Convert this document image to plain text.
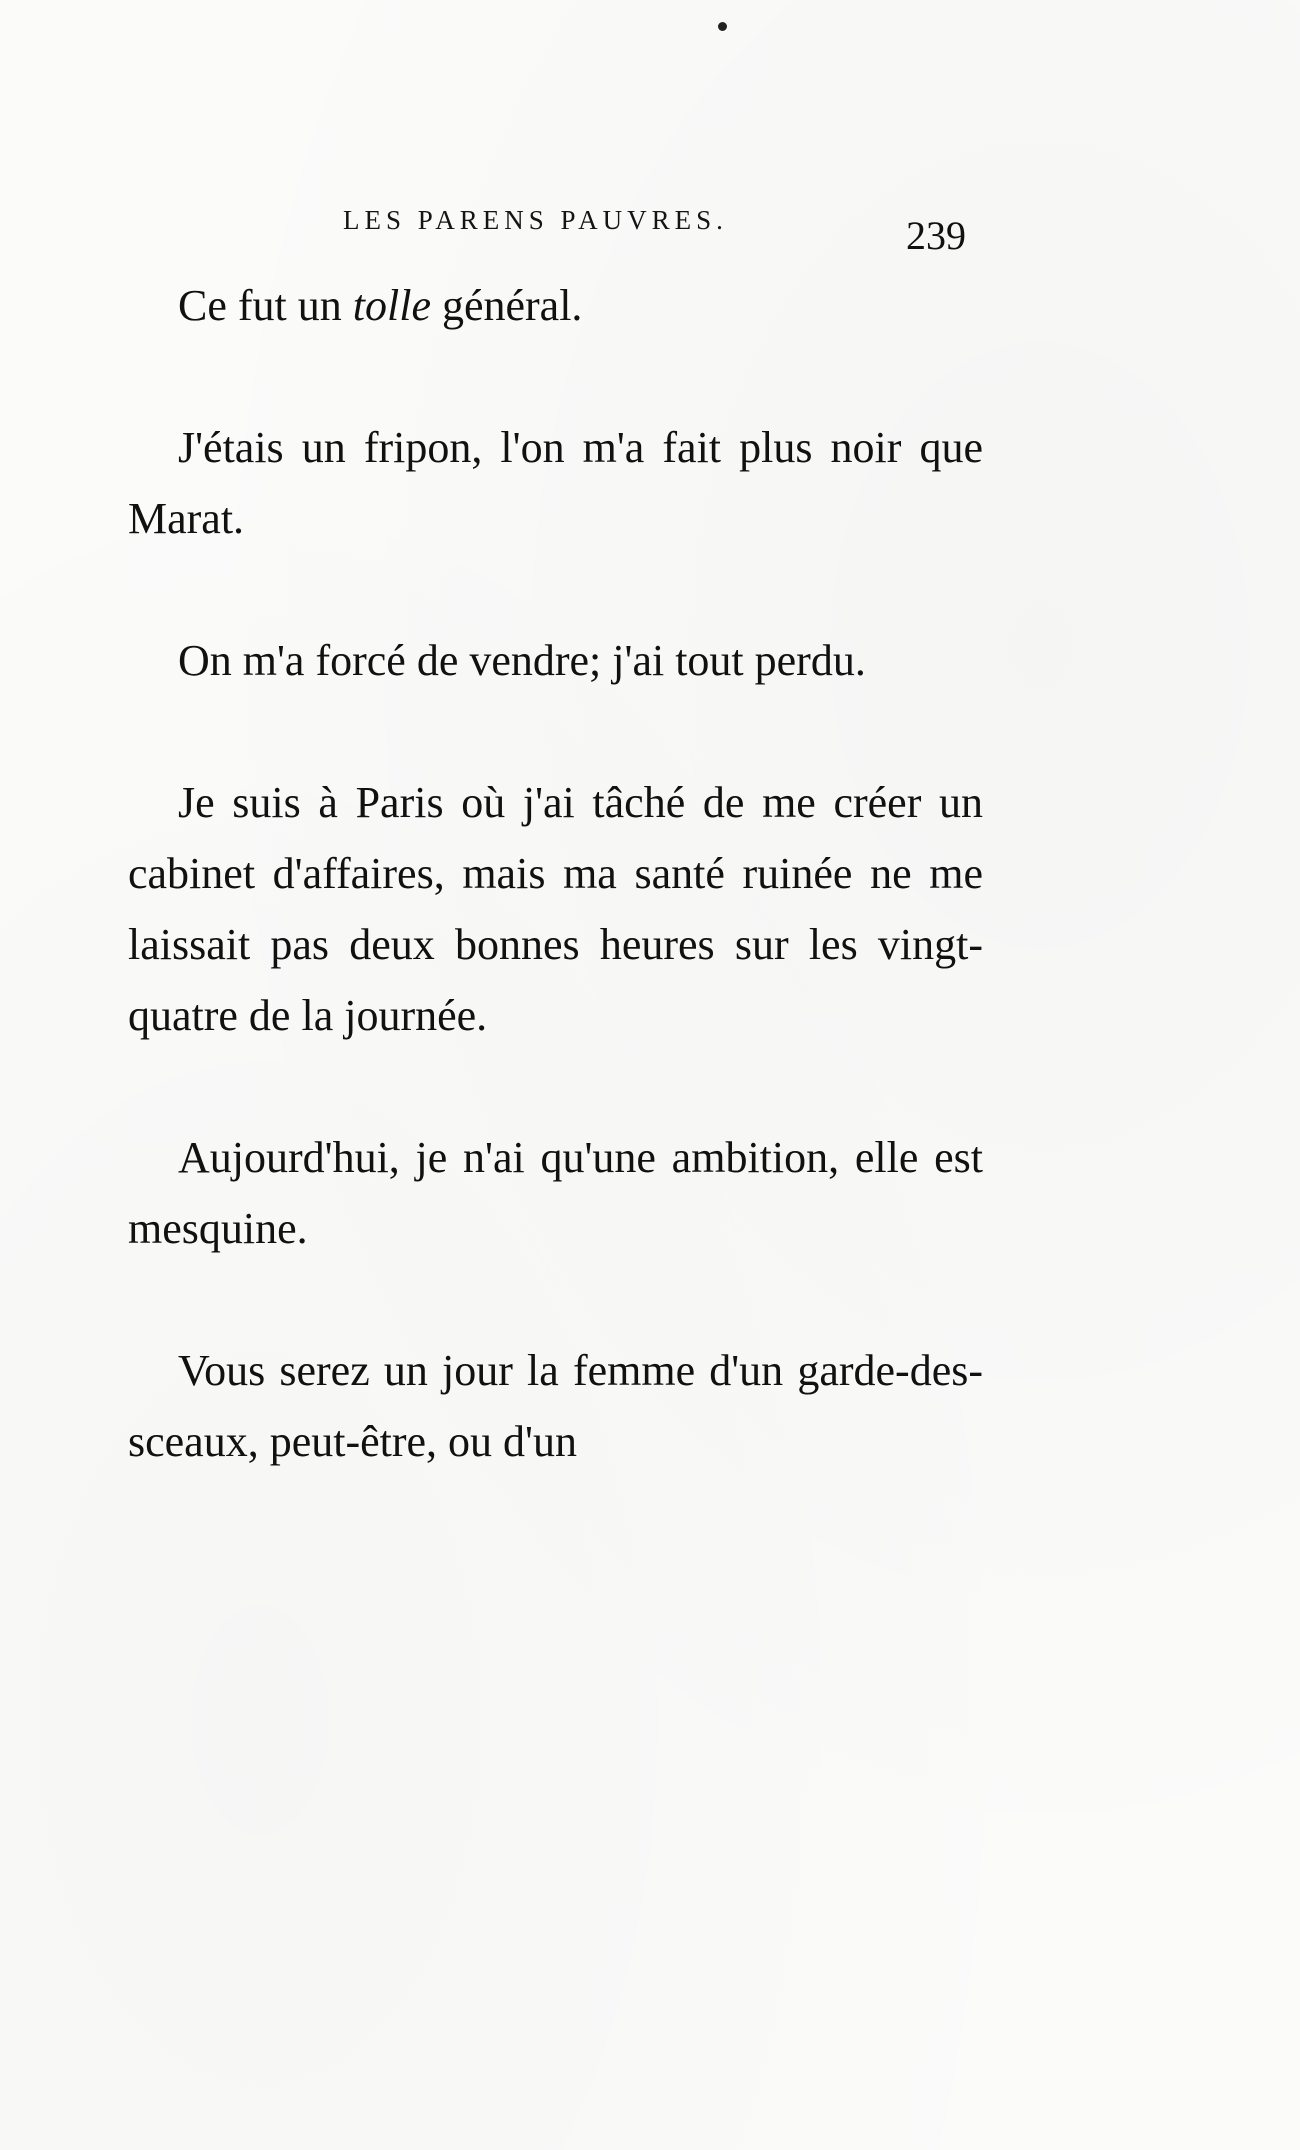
LES PARENS PAUVRES.	239

Ce fut un tolle général.

J'étais un fripon, l'on m'a fait plus noir que Marat.

On m'a forcé de vendre; j'ai tout perdu.

Je suis à Paris où j'ai tâché de me créer un cabinet d'affaires, mais ma santé ruinée ne me laissait pas deux bonnes heures sur les vingt-quatre de la journée.

Aujourd'hui, je n'ai qu'une ambition, elle est mesquine.

Vous serez un jour la femme d'un garde-des-sceaux, peut-être, ou d'un
